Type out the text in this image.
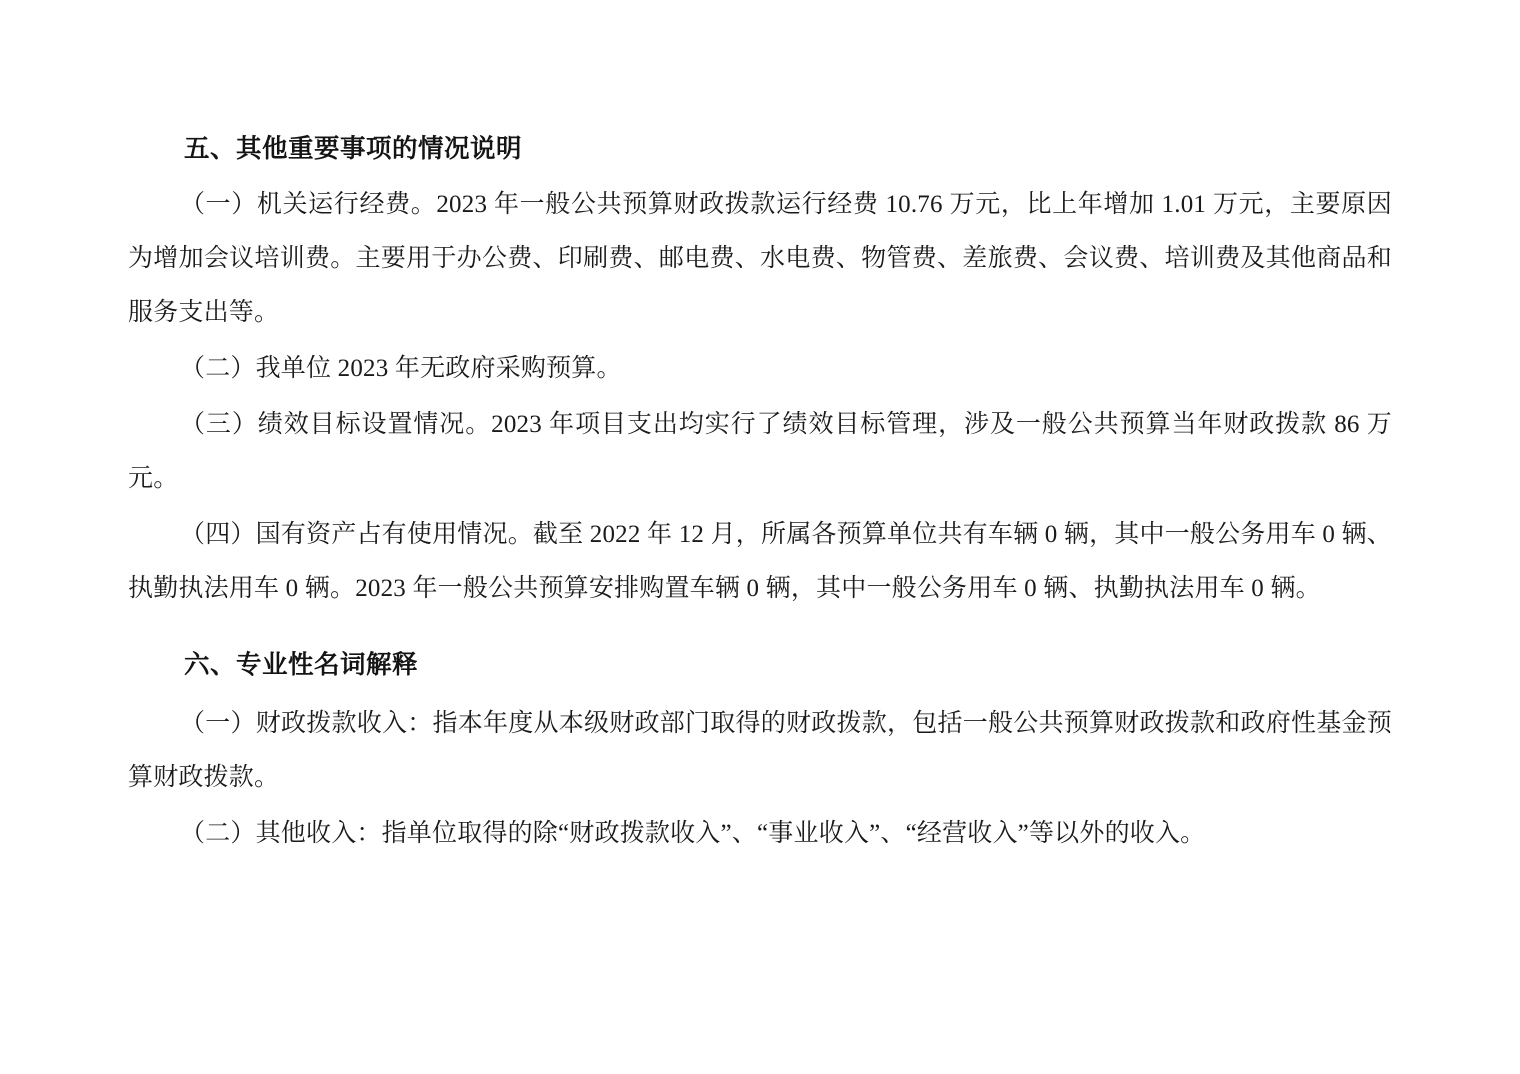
五、其他重要事项的情况说明

（一）机关运行经费。2023 年一般公共预算财政拨款运行经费 10.76 万元，比上年增加 1.01 万元，主要原因为增加会议培训费。主要用于办公费、印刷费、邮电费、水电费、物管费、差旅费、会议费、培训费及其他商品和服务支出等。

（二）我单位 2023 年无政府采购预算。

（三）绩效目标设置情况。2023 年项目支出均实行了绩效目标管理，涉及一般公共预算当年财政拨款 86 万元。

（四）国有资产占有使用情况。截至 2022 年 12 月，所属各预算单位共有车辆 0 辆，其中一般公务用车 0 辆、执勤执法用车 0 辆。2023 年一般公共预算安排购置车辆 0 辆，其中一般公务用车 0 辆、执勤执法用车 0 辆。

六、专业性名词解释

（一）财政拨款收入：指本年度从本级财政部门取得的财政拨款，包括一般公共预算财政拨款和政府性基金预算财政拨款。

（二）其他收入：指单位取得的除“财政拨款收入”、“事业收入”、“经营收入”等以外的收入。
